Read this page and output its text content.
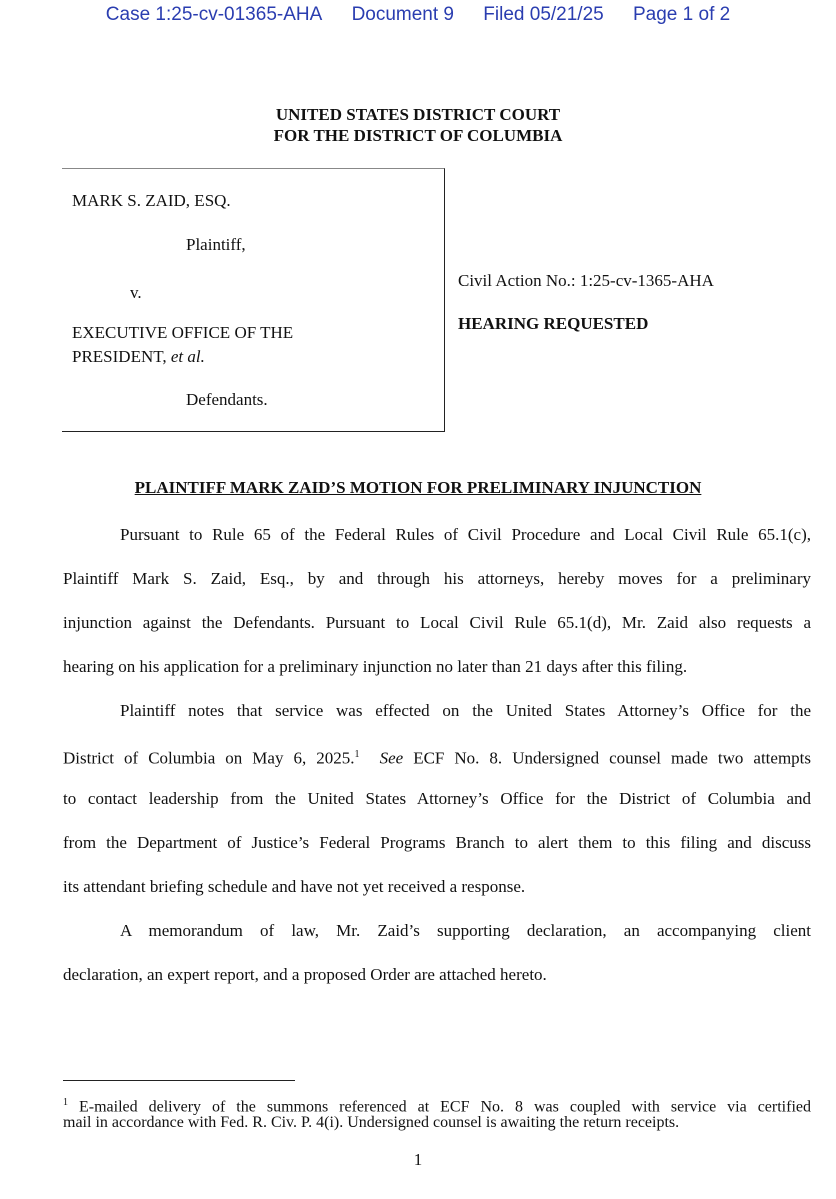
Case 1:25-cv-01365-AHA Document 9 Filed 05/21/25 Page 1 of 2
UNITED STATES DISTRICT COURT
FOR THE DISTRICT OF COLUMBIA
MARK S. ZAID, ESQ.
Plaintiff,
v.
EXECUTIVE OFFICE OF THE
PRESIDENT, et al.
Defendants.
Civil Action No.: 1:25-cv-1365-AHA
HEARING REQUESTED
PLAINTIFF MARK ZAID’S MOTION FOR PRELIMINARY INJUNCTION
Pursuant to Rule 65 of the Federal Rules of Civil Procedure and Local Civil Rule 65.1(c),
Plaintiff Mark S. Zaid, Esq., by and through his attorneys, hereby moves for a preliminary
injunction against the Defendants. Pursuant to Local Civil Rule 65.1(d), Mr. Zaid also requests a
hearing on his application for a preliminary injunction no later than 21 days after this filing.
Plaintiff notes that service was effected on the United States Attorney’s Office for the
District of Columbia on May 6, 2025.$^1$ See ECF No. 8. Undersigned counsel made two attempts
to contact leadership from the United States Attorney’s Office for the District of Columbia and
from the Department of Justice’s Federal Programs Branch to alert them to this filing and discuss
its attendant briefing schedule and have not yet received a response.
A memorandum of law, Mr. Zaid’s supporting declaration, an accompanying client
declaration, an expert report, and a proposed Order are attached hereto.
$^1$ E-mailed delivery of the summons referenced at ECF No. 8 was coupled with service via certified
mail in accordance with Fed. R. Civ. P. 4(i). Undersigned counsel is awaiting the return receipts.
1
